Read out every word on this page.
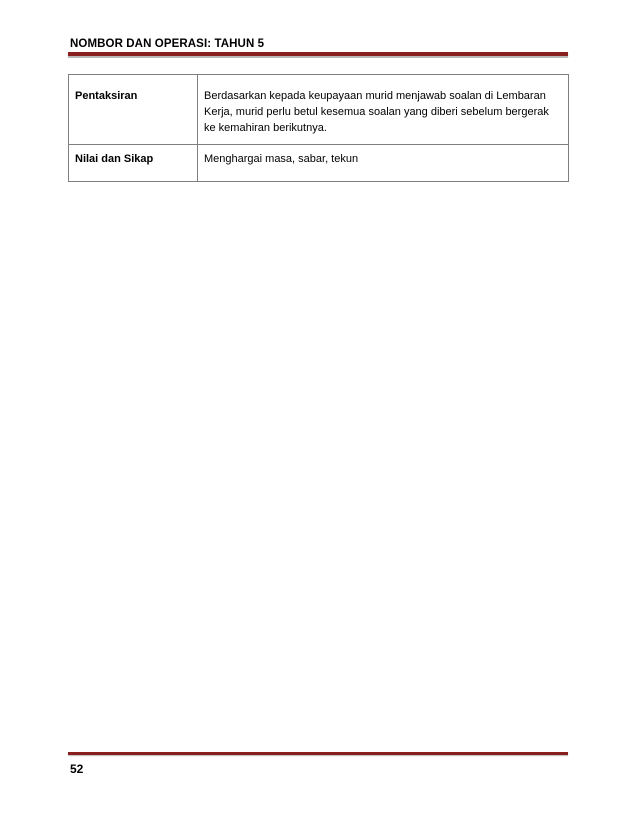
NOMBOR DAN OPERASI: TAHUN 5
Pentaksiran	Berdasarkan kepada keupayaan murid menjawab soalan di Lembaran Kerja, murid perlu betul kesemua soalan yang diberi sebelum bergerak ke kemahiran berikutnya.

Nilai dan Sikap	Menghargai masa, sabar, tekun
52
